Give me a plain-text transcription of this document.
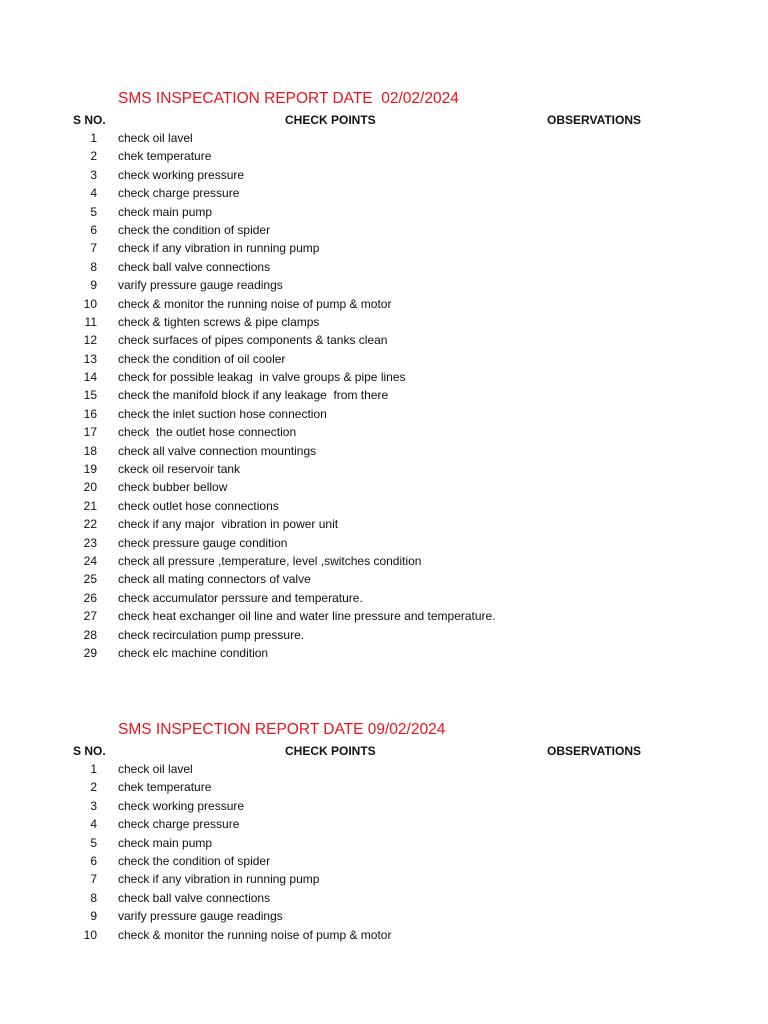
SMS INSPECATION REPORT DATE  02/02/2024
S NO.	CHECK POINTS	OBSERVATIONS
1 check oil lavel
2 chek temperature
3 check working pressure
4 check charge pressure
5 check main pump
6 check the condition of spider
7 check if any vibration in running pump
8 check ball valve connections
9 varify pressure gauge readings
10 check & monitor the running noise of pump & motor
11 check & tighten screws & pipe clamps
12 check surfaces of pipes components & tanks clean
13 check the condition of oil cooler
14 check for possible leakag  in valve groups & pipe lines
15 check the manifold block if any leakage  from there
16 check the inlet suction hose connection
17 check  the outlet hose connection
18 check all valve connection mountings
19 ckeck oil reservoir tank
20 check bubber bellow
21 check outlet hose connections
22 check if any major  vibration in power unit
23 check pressure gauge condition
24 check all pressure ,temperature, level ,switches condition
25 check all mating connectors of valve
26 check accumulator perssure and temperature.
27 check heat exchanger oil line and water line pressure and temperature.
28 check recirculation pump pressure.
29 check elc machine condition
SMS INSPECTION REPORT DATE 09/02/2024
S NO.	CHECK POINTS	OBSERVATIONS
1 check oil lavel
2 chek temperature
3 check working pressure
4 check charge pressure
5 check main pump
6 check the condition of spider
7 check if any vibration in running pump
8 check ball valve connections
9 varify pressure gauge readings
10 check & monitor the running noise of pump & motor
